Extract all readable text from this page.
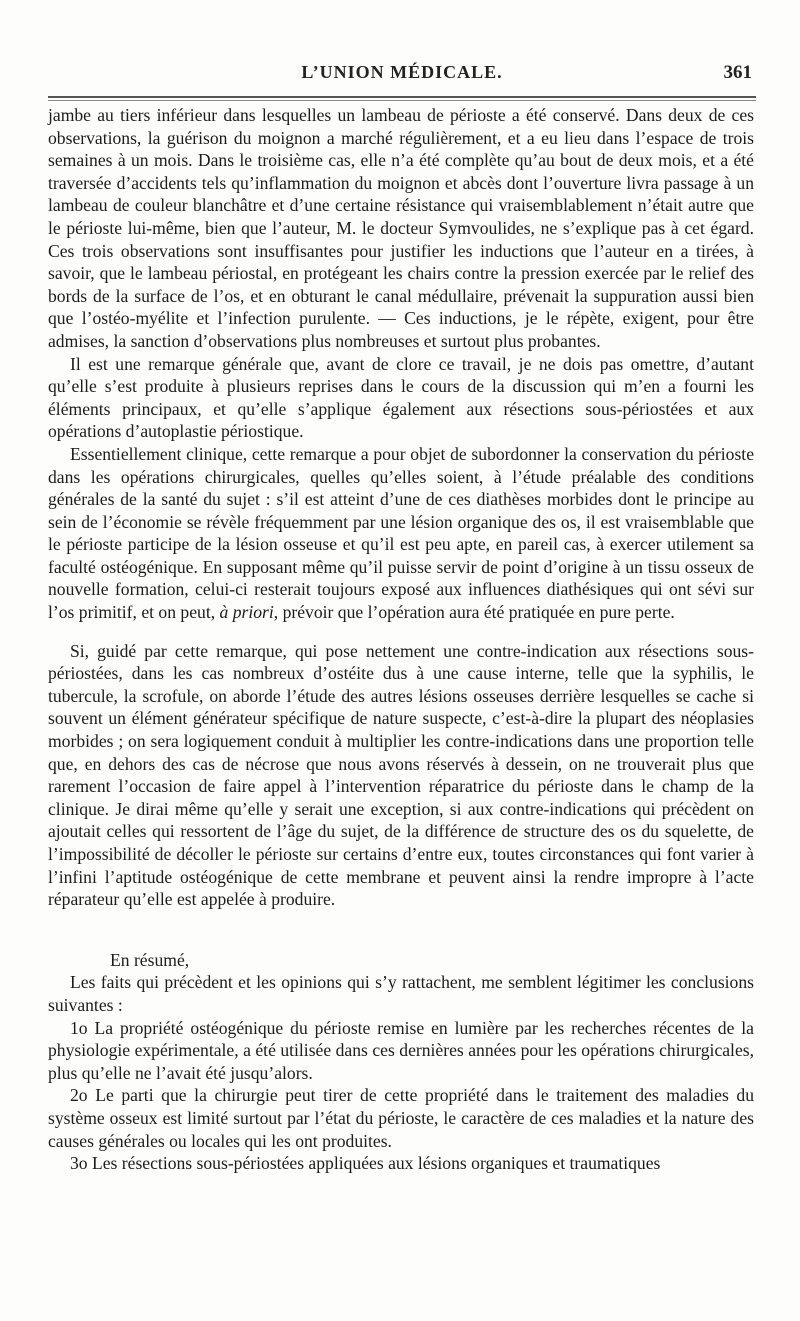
L’UNION MÉDICALE.	361

jambe au tiers inférieur dans lesquelles un lambeau de périoste a été conservé. Dans deux de ces observations, la guérison du moignon a marché régulièrement, et a eu lieu dans l’espace de trois semaines à un mois. Dans le troisième cas, elle n’a été complète qu’au bout de deux mois, et a été traversée d’accidents tels qu’inflammation du moignon et abcès dont l’ouverture livra passage à un lambeau de couleur blanchâtre et d’une certaine résistance qui vraisemblablement n’était autre que le périoste lui-même, bien que l’auteur, M. le docteur Symvoulides, ne s’explique pas à cet égard. Ces trois observations sont insuffisantes pour justifier les inductions que l’auteur en a tirées, à savoir, que le lambeau périostal, en protégeant les chairs contre la pression exercée par le relief des bords de la surface de l’os, et en obturant le canal médullaire, prévenait la suppuration aussi bien que l’ostéo-myélite et l’infection purulente. — Ces inductions, je le répète, exigent, pour être admises, la sanction d’observations plus nombreuses et surtout plus probantes.

Il est une remarque générale que, avant de clore ce travail, je ne dois pas omettre, d’autant qu’elle s’est produite à plusieurs reprises dans le cours de la discussion qui m’en a fourni les éléments principaux, et qu’elle s’applique également aux résections sous-périostées et aux opérations d’autoplastie périostique.

Essentiellement clinique, cette remarque a pour objet de subordonner la conservation du périoste dans les opérations chirurgicales, quelles qu’elles soient, à l’étude préalable des conditions générales de la santé du sujet : s’il est atteint d’une de ces diathèses morbides dont le principe au sein de l’économie se révèle fréquemment par une lésion organique des os, il est vraisemblable que le périoste participe de la lésion osseuse et qu’il est peu apte, en pareil cas, à exercer utilement sa faculté ostéogénique. En supposant même qu’il puisse servir de point d’origine à un tissu osseux de nouvelle formation, celui-ci resterait toujours exposé aux influences diathésiques qui ont sévi sur l’os primitif, et on peut, à priori, prévoir que l’opération aura été pratiquée en pure perte.

Si, guidé par cette remarque, qui pose nettement une contre-indication aux résections sous-périostées, dans les cas nombreux d’ostéite dus à une cause interne, telle que la syphilis, le tubercule, la scrofule, on aborde l’étude des autres lésions osseuses derrière lesquelles se cache si souvent un élément générateur spécifique de nature suspecte, c’est-à-dire la plupart des néoplasies morbides ; on sera logiquement conduit à multiplier les contre-indications dans une proportion telle que, en dehors des cas de nécrose que nous avons réservés à dessein, on ne trouverait plus que rarement l’occasion de faire appel à l’intervention réparatrice du périoste dans le champ de la clinique. Je dirai même qu’elle y serait une exception, si aux contre-indications qui précèdent on ajoutait celles qui ressortent de l’âge du sujet, de la différence de structure des os du squelette, de l’impossibilité de décoller le périoste sur certains d’entre eux, toutes circonstances qui font varier à l’infini l’aptitude ostéogénique de cette membrane et peuvent ainsi la rendre impropre à l’acte réparateur qu’elle est appelée à produire.

En résumé,

Les faits qui précèdent et les opinions qui s’y rattachent, me semblent légitimer les conclusions suivantes :

1o La propriété ostéogénique du périoste remise en lumière par les recherches récentes de la physiologie expérimentale, a été utilisée dans ces dernières années pour les opérations chirurgicales, plus qu’elle ne l’avait été jusqu’alors.

2o Le parti que la chirurgie peut tirer de cette propriété dans le traitement des maladies du système osseux est limité surtout par l’état du périoste, le caractère de ces maladies et la nature des causes générales ou locales qui les ont produites.

3o Les résections sous-périostées appliquées aux lésions organiques et traumatiques
